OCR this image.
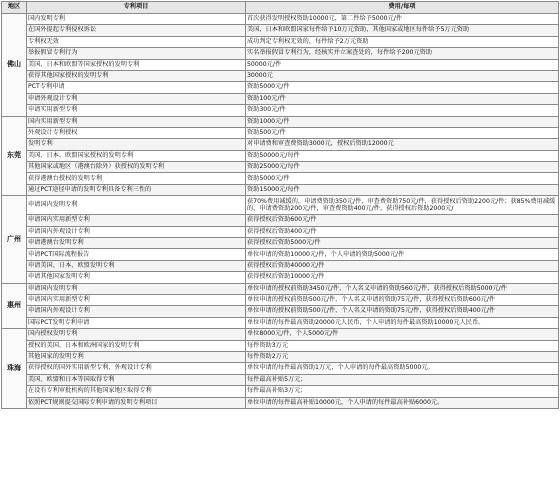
地区	专利项目	费用/每项
佛山	国内发明专利	首次获得发明授权资助10000元，第二件给予5000元/件
	在国外提起专利侵权诉讼	美国、日本和欧盟国家每件给予10万元资助，其他国家或地区每件给予5万元资助
	专利权无效	成功判定专利权无效的，每件给予2万元资助
	举报假冒专利行为	实名举报假冒专利行为，经核实并立案查处的，每件给予200元资助
	美国、日本和欧盟等国家授权的发明专利	50000元/件
	获得其他国家授权的发明专利	30000元
	PCT专利申请	资助5000元/件
	申请外观设计专利	资助100元/件
	申请实用新型专利	资助300元/件
东莞	国内实用新型专利	资助1000元/件
	外观设计专利授权	资助500元/件
	发明专利	对申请费和审查费资助3000元，授权后资助12000元
	美国、日本、欧盟国家授权的发明专利	资助50000元/每件
	其他国家或地区（港澳台除外）获授权的发明专利	资助25000元/每件
	获得港澳台授权的发明专利	资助5000元/件
	通过PCT途径申请的发明专利具备专利三性的	资助15000元/每件
广州	申请国内发明专利	获70%费用减缓的，申请费资助350元/件，审查费资助750元/件，获得授权后资助2200元/件；获85%费用减缓的，申请费资助200元/件，审查费资助400元/件，获得授权后资助2000元/
	申请国内实用新型专利	获得授权后资助600元/件
	申请国内外观设计专利	获得授权后资助400元/件
	申请港澳台发明专利	获得授权后资助5000元/件
	申请PCT国际流程报告	单位申请的资助10000元/件，个人申请的资助5000元/件
	申请美国、日本、欧盟发明专利	获得授权后资助40000元/件
	申请其他国家发明专利	获得授权后资助10000元/件
惠州	申请国内发明专利	单位申请的授权前资助3450元/件，个人名义申请的资助560元/件，获得授权后资助5000元/件
	申请国内实用新型专利	单位申请的授权前资助500元/件，个人名义申请的资助75元/件，获得授权后资助600元/件
	申请国内外观设计专利	单位申请的授权前资助500元/件，个人名义申请的资助75元/件，获得授权后资助400元/件
	国际PCT发明专利申请	单位申请的每件最高资助20000元人民币，个人申请的每件最高资助10000元人民币。
珠海	国内授权发明专利	单位8000元/件，个人5000元/件
	授权的美国、日本和欧洲国家的发明专利	每件资助3万元
	其他国家的发明专利	每件资助2万元
	获得授权的国外实用新型专利、外观设计专利	单位申请的每件最高资助1万元，个人申请的每件最高资助5000元。
	美国、欧盟和日本等国取得专利	每件最高补贴5万元；
	在设有专利审批机构的其他国家地区取得专利	每件最高补贴3万元；
	依照PCT规则提交国际专利申请的发明专利项目	单位申请的每件最高补贴10000元，个人申请的每件最高补贴6000元。
